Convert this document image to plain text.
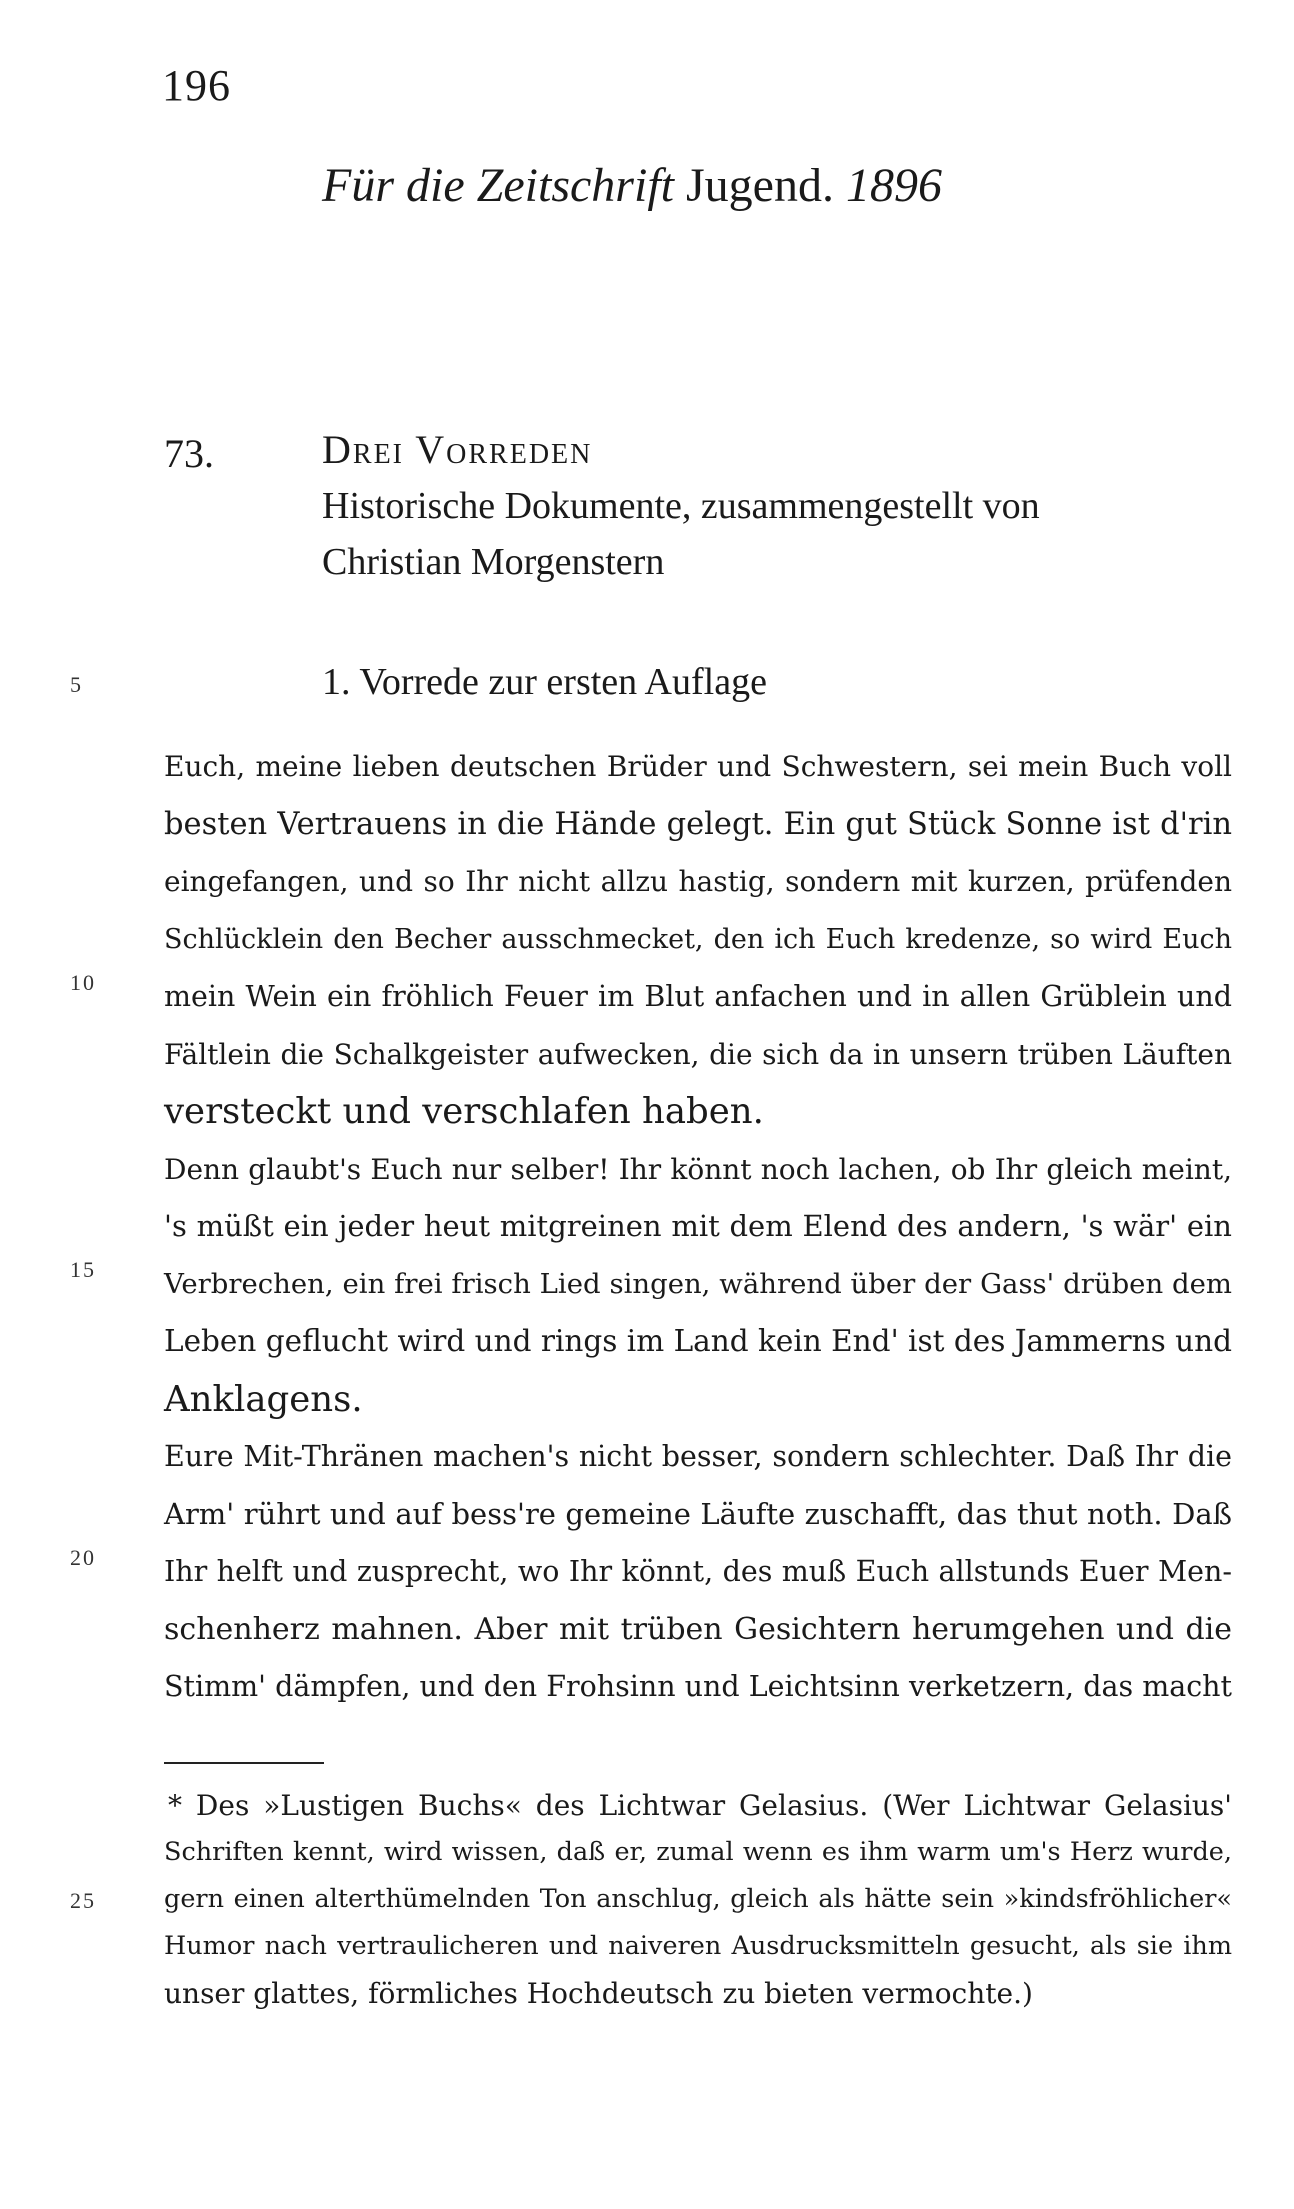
196
Für die Zeitschrift Jugend. 1896
73.	Drei Vorreden
Historische Dokumente, zusammengestellt von
Christian Morgenstern
5	1. Vorrede zur ersten Auflage
10
15
20
25
Euch, meine lieben deutschen Brüder und Schwestern, sei mein Buch voll
besten Vertrauens in die Hände gelegt. Ein gut Stück Sonne ist d'rin
eingefangen, und so Ihr nicht allzu hastig, sondern mit kurzen, prüfenden
Schlücklein den Becher ausschmecket, den ich Euch kredenze, so wird Euch
mein Wein ein fröhlich Feuer im Blut anfachen und in allen Grüblein und
Fältlein die Schalkgeister aufwecken, die sich da in unsern trüben Läuften
versteckt und verschlafen haben.
Denn glaubt's Euch nur selber! Ihr könnt noch lachen, ob Ihr gleich meint,
's müßt ein jeder heut mitgreinen mit dem Elend des andern, 's wär' ein
Verbrechen, ein frei frisch Lied singen, während über der Gass' drüben dem
Leben geflucht wird und rings im Land kein End' ist des Jammerns und
Anklagens.
Eure Mit-Thränen machen's nicht besser, sondern schlechter. Daß Ihr die
Arm' rührt und auf bess're gemeine Läufte zuschafft, das thut noth. Daß
Ihr helft und zusprecht, wo Ihr könnt, des muß Euch allstunds Euer Men-
schenherz mahnen. Aber mit trüben Gesichtern herumgehen und die
Stimm' dämpfen, und den Frohsinn und Leichtsinn verketzern, das macht
* Des »Lustigen Buchs« des Lichtwar Gelasius. (Wer Lichtwar Gelasius'
Schriften kennt, wird wissen, daß er, zumal wenn es ihm warm um's Herz wurde,
gern einen alterthümelnden Ton anschlug, gleich als hätte sein »kindsfröhlicher«
Humor nach vertraulicheren und naiveren Ausdrucksmitteln gesucht, als sie ihm
unser glattes, förmliches Hochdeutsch zu bieten vermochte.)
